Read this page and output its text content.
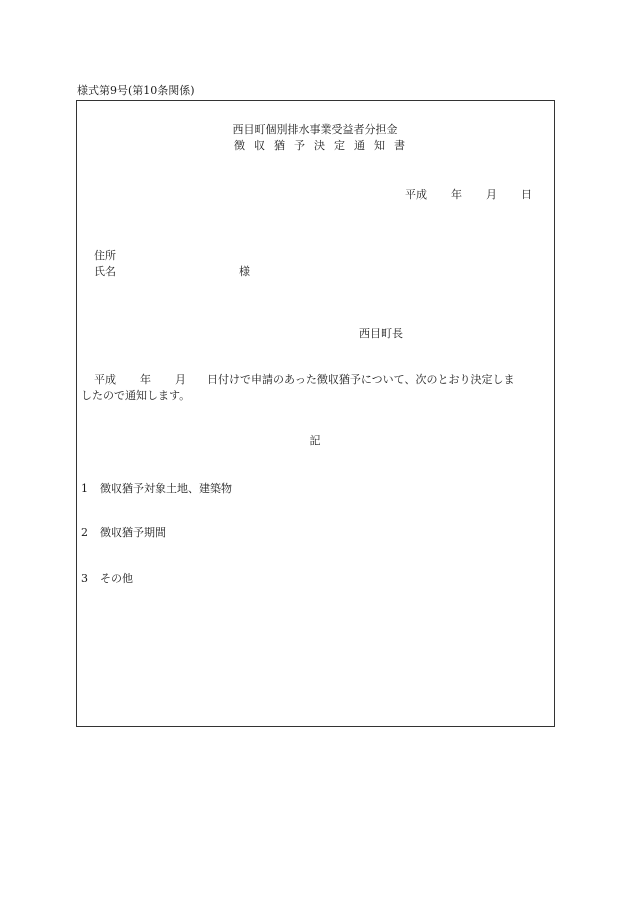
様式第9号(第10条関係)
西目町個別排水事業受益者分担金
徴収猶予決定通知書
平成 年 月 日
住所
氏名	様
西目町長
平成 年 月 日付けで申請のあった徴収猶予について、次のとおり決定しま
したので通知します。
記
1 徴収猶予対象土地、建築物
2 徴収猶予期間
3 その他
